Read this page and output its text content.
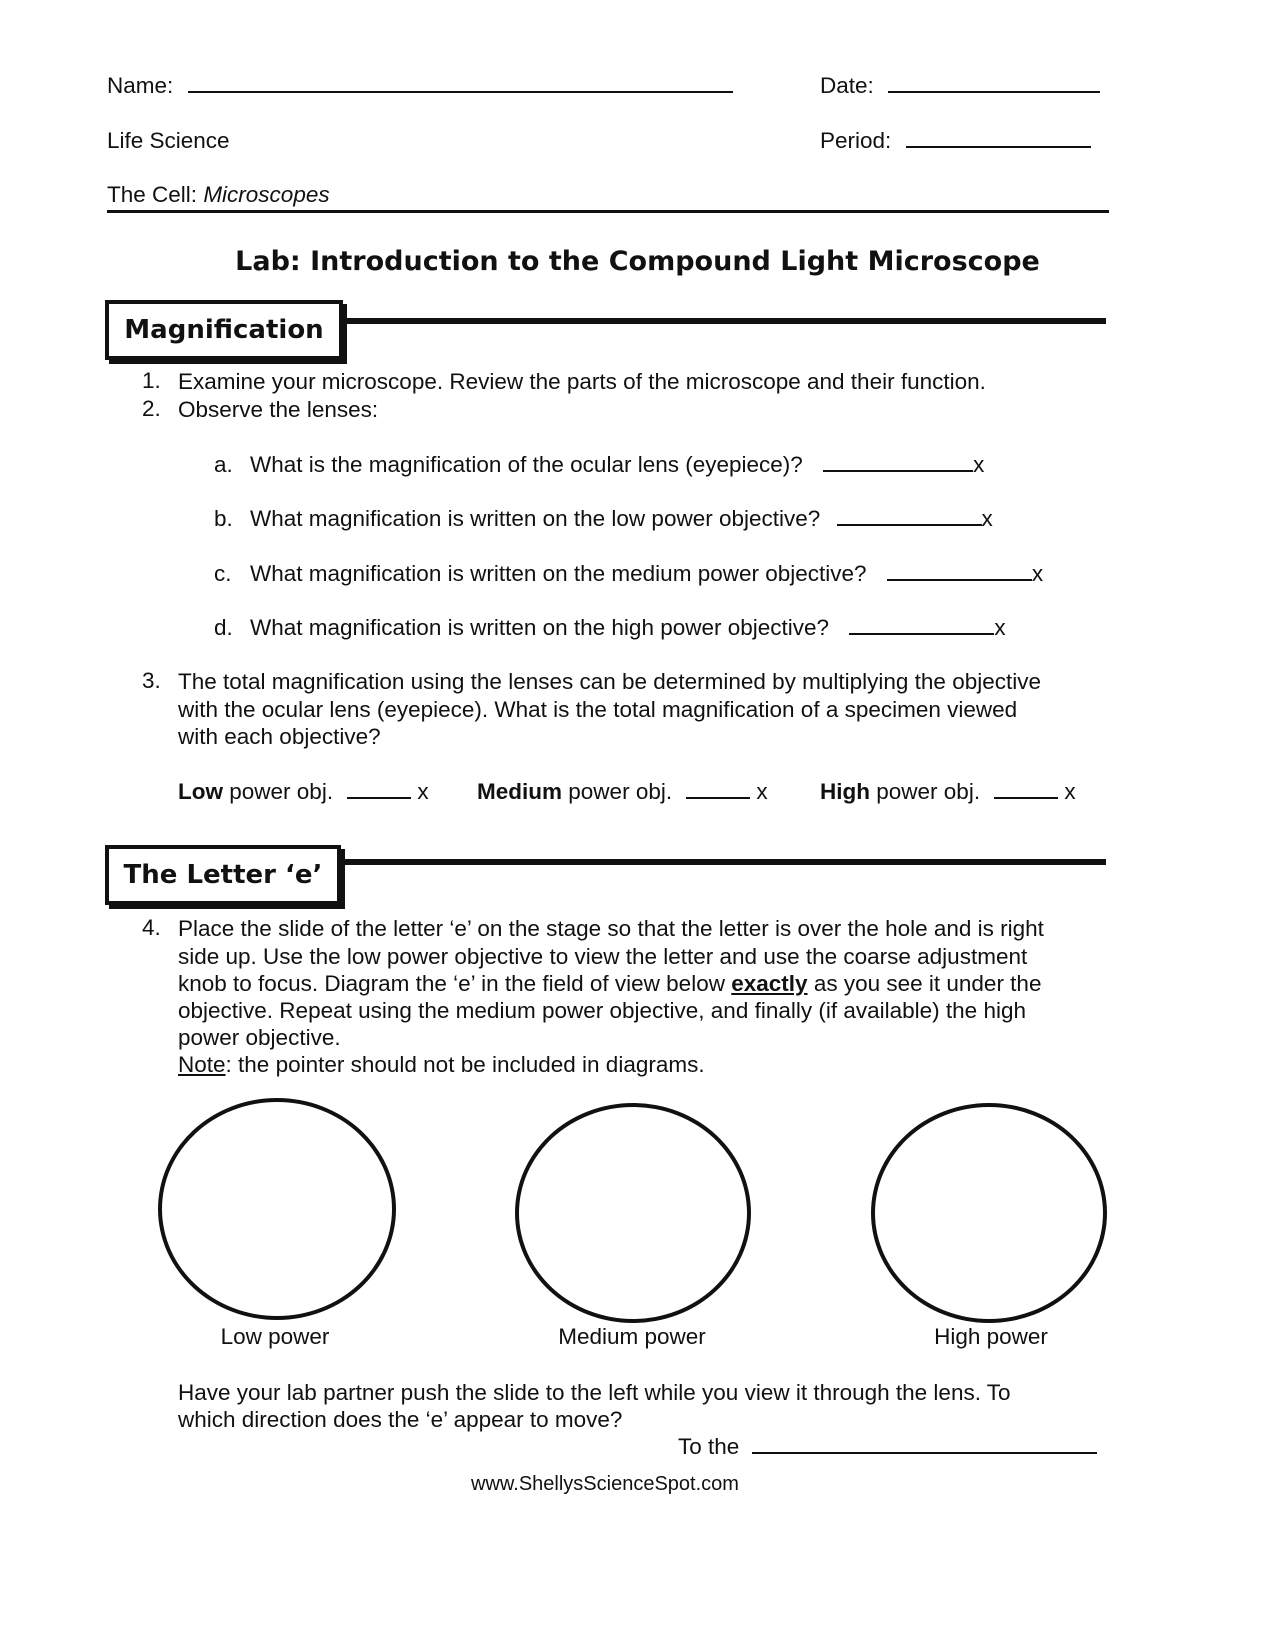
Name:	Date:
Life Science	Period:
The Cell: Microscopes
Lab: Introduction to the Compound Light Microscope
Magnification
1. Examine your microscope. Review the parts of the microscope and their function.
2. Observe the lenses:
a. What is the magnification of the ocular lens (eyepiece)?	x
b. What magnification is written on the low power objective?	x
c. What magnification is written on the medium power objective?	x
d. What magnification is written on the high power objective?	x
3. The total magnification using the lenses can be determined by multiplying the objective
with the ocular lens (eyepiece). What is the total magnification of a specimen viewed
with each objective?
Low power obj.	x Medium power obj.	x High power obj.	x
The Letter ‘e’
4. Place the slide of the letter ‘e’ on the stage so that the letter is over the hole and is right
side up. Use the low power objective to view the letter and use the coarse adjustment
knob to focus. Diagram the ‘e’ in the field of view below exactly as you see it under the
objective. Repeat using the medium power objective, and finally (if available) the high
power objective.
Note: the pointer should not be included in diagrams.
Low power	Medium power	High power
Have your lab partner push the slide to the left while you view it through the lens. To
which direction does the ‘e’ appear to move?
To the
www.ShellysScienceSpot.com
